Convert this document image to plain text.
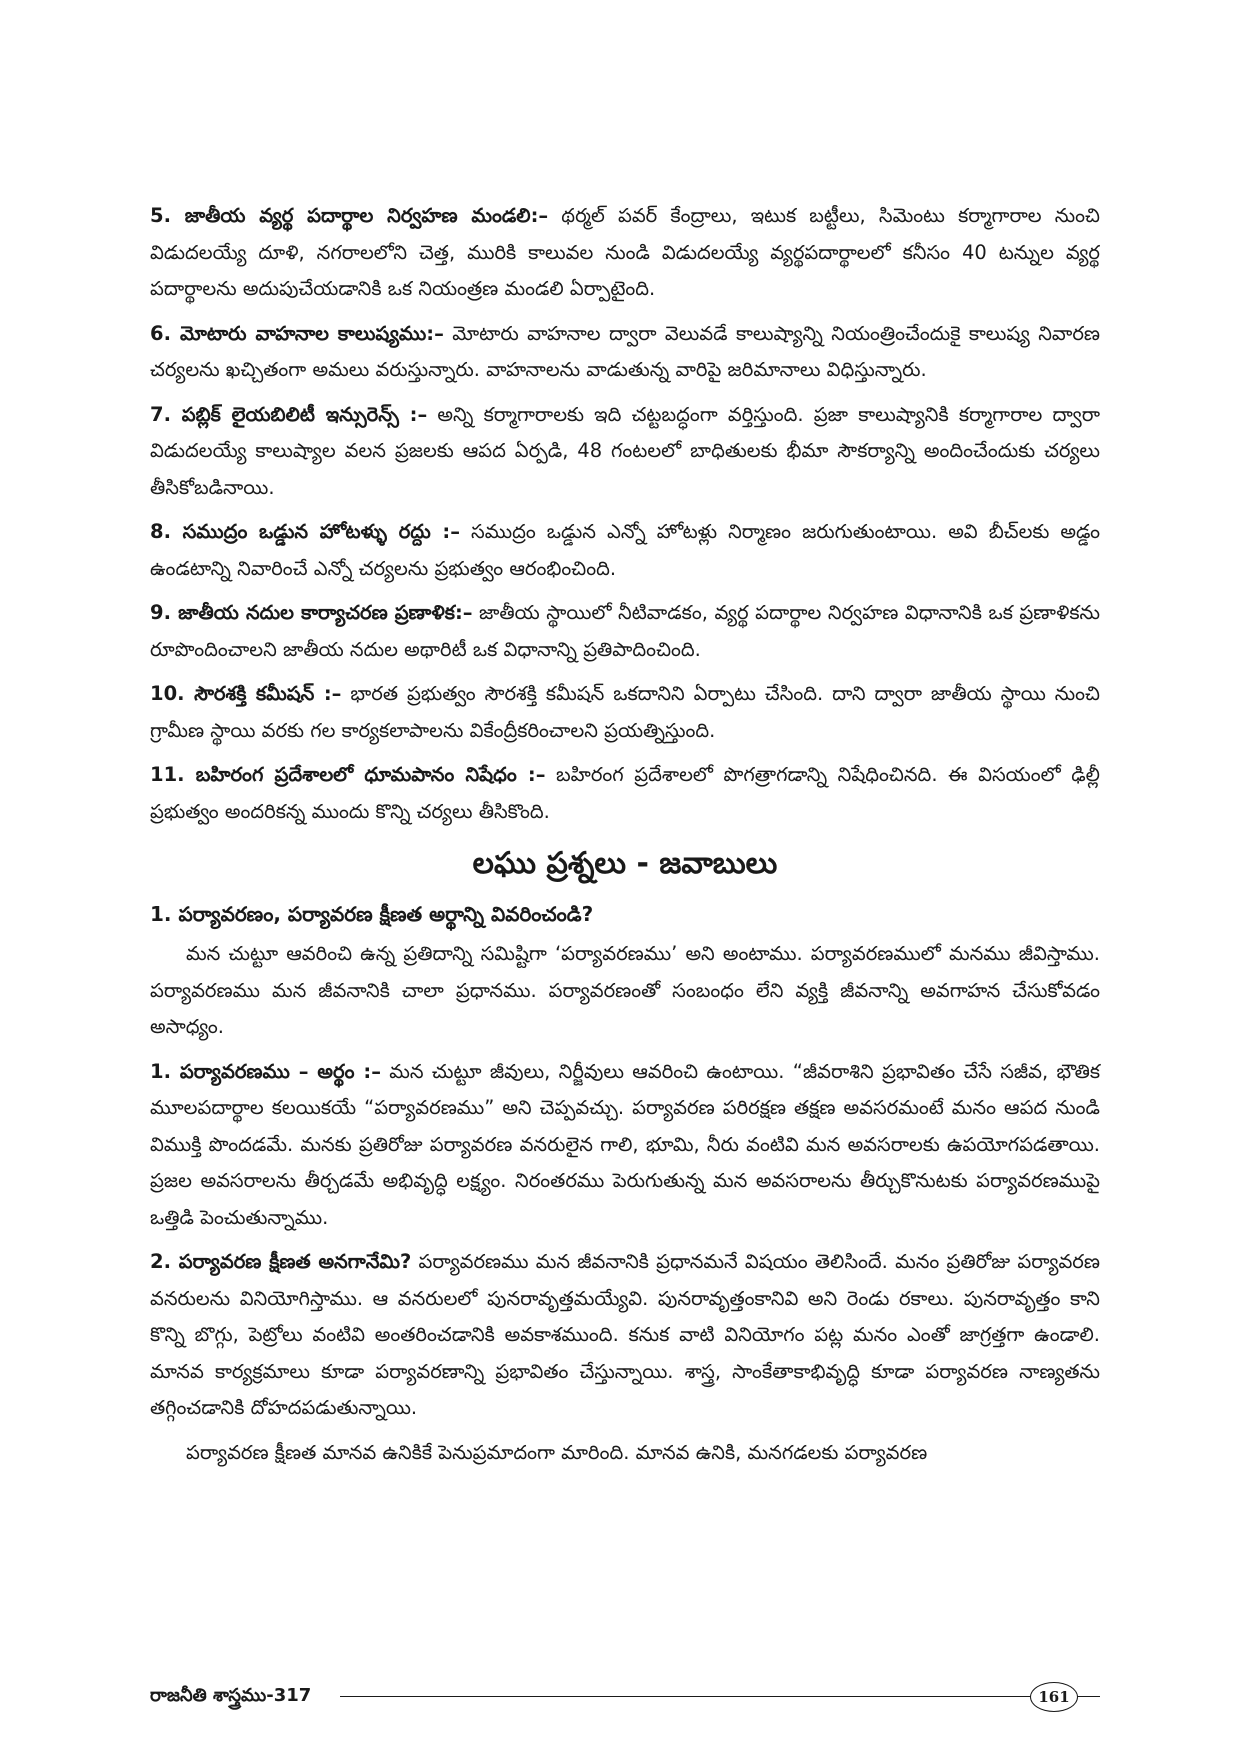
5. జాతీయ వ్యర్థ పదార్థాల నిర్వహణ మండలి:– థర్మల్ పవర్ కేంద్రాలు, ఇటుక బట్టీలు, సిమెంటు కర్మాగారాల నుంచి విడుదలయ్యే దూళి, నగరాలలోని చెత్త, మురికి కాలువల నుండి విడుదలయ్యే వ్యర్థపదార్థాలలో కనీసం 40 టన్నుల వ్యర్థ పదార్థాలను అదుపుచేయడానికి ఒక నియంత్రణ మండలి ఏర్పాటైంది.

6. మోటారు వాహనాల కాలుష్యము:– మోటారు వాహనాల ద్వారా వెలువడే కాలుష్యాన్ని నియంత్రించేందుకై కాలుష్య నివారణ చర్యలను ఖచ్చితంగా అమలు వరుస్తున్నారు. వాహనాలను వాడుతున్న వారిపై జరిమానాలు విధిస్తున్నారు.

7. పబ్లిక్ లైయబిలిటీ ఇన్సురెన్స్ :– అన్ని కర్మాగారాలకు ఇది చట్టబద్ధంగా వర్తిస్తుంది. ప్రజా కాలుష్యానికి కర్మాగారాల ద్వారా విడుదలయ్యే కాలుష్యాల వలన ప్రజలకు ఆపద ఏర్పడి, 48 గంటలలో బాధితులకు భీమా సౌకర్యాన్ని అందించేందుకు చర్యలు తీసికోబడినాయి.

8. సముద్రం ఒడ్డున హోటళ్ళు రద్దు :– సముద్రం ఒడ్డున ఎన్నో హోటళ్లు నిర్మాణం జరుగుతుంటాయి. అవి బీచ్‌లకు అడ్డం ఉండటాన్ని నివారించే ఎన్నో చర్యలను ప్రభుత్వం ఆరంభించింది.

9. జాతీయ నదుల కార్యాచరణ ప్రణాళిక:– జాతీయ స్థాయిలో నీటివాడకం, వ్యర్థ పదార్థాల నిర్వహణ విధానానికి ఒక ప్రణాళికను రూపొందించాలని జాతీయ నదుల అథారిటీ ఒక విధానాన్ని ప్రతిపాదించింది.

10. సౌరశక్తి కమీషన్ :– భారత ప్రభుత్వం సౌరశక్తి కమీషన్ ఒకదానిని ఏర్పాటు చేసింది. దాని ద్వారా జాతీయ స్థాయి నుంచి గ్రామీణ స్థాయి వరకు గల కార్యకలాపాలను వికేంద్రీకరించాలని ప్రయత్నిస్తుంది.

11. బహిరంగ ప్రదేశాలలో ధూమపానం నిషేధం :– బహిరంగ ప్రదేశాలలో పొగత్రాగడాన్ని నిషేధించినది. ఈ విసయంలో ఢిల్లీ ప్రభుత్వం అందరికన్న ముందు కొన్ని చర్యలు తీసికొంది.

లఘు ప్రశ్నలు - జవాబులు
1. పర్యావరణం, పర్యావరణ క్షీణత అర్థాన్ని వివరించండి?

మన చుట్టూ ఆవరించి ఉన్న ప్రతిదాన్ని సమిష్టిగా ‘పర్యావరణము’ అని అంటాము. పర్యావరణములో మనము జీవిస్తాము. పర్యావరణము మన జీవనానికి చాలా ప్రధానము. పర్యావరణంతో సంబంధం లేని వ్యక్తి జీవనాన్ని అవగాహన చేసుకోవడం అసాధ్యం.

1. పర్యావరణము – అర్థం :– మన చుట్టూ జీవులు, నిర్జీవులు ఆవరించి ఉంటాయి. “జీవరాశిని ప్రభావితం చేసే సజీవ, భౌతిక మూలపదార్థాల కలయికయే “పర్యావరణము” అని చెప్పవచ్చు. పర్యావరణ పరిరక్షణ తక్షణ అవసరమంటే మనం ఆపద నుండి విముక్తి పొందడమే. మనకు ప్రతిరోజు పర్యావరణ వనరులైన గాలి, భూమి, నీరు వంటివి మన అవసరాలకు ఉపయోగపడతాయి. ప్రజల అవసరాలను తీర్చడమే అభివృద్ధి లక్ష్యం. నిరంతరము పెరుగుతున్న మన అవసరాలను తీర్చుకొనుటకు పర్యావరణముపై ఒత్తిడి పెంచుతున్నాము.

2. పర్యావరణ క్షీణత అనగానేమి? పర్యావరణము మన జీవనానికి ప్రధానమనే విషయం తెలిసిందే. మనం ప్రతిరోజు పర్యావరణ వనరులను వినియోగిస్తాము. ఆ వనరులలో పునరావృత్తమయ్యేవి. పునరావృత్తంకానివి అని రెండు రకాలు. పునరావృత్తం కాని కొన్ని బొగ్గు, పెట్రోలు వంటివి అంతరించడానికి అవకాశముంది. కనుక వాటి వినియోగం పట్ల మనం ఎంతో జాగ్రత్తగా ఉండాలి. మానవ కార్యక్రమాలు కూడా పర్యావరణాన్ని ప్రభావితం చేస్తున్నాయి. శాస్త్ర, సాంకేతాకాభివృద్ధి కూడా పర్యావరణ నాణ్యతను తగ్గించడానికి దోహదపడుతున్నాయి.

పర్యావరణ క్షీణత మానవ ఉనికికే పెనుప్రమాదంగా మారింది. మానవ ఉనికి, మనగడలకు పర్యావరణ

రాజనీతి శాస్త్రము-317	161
